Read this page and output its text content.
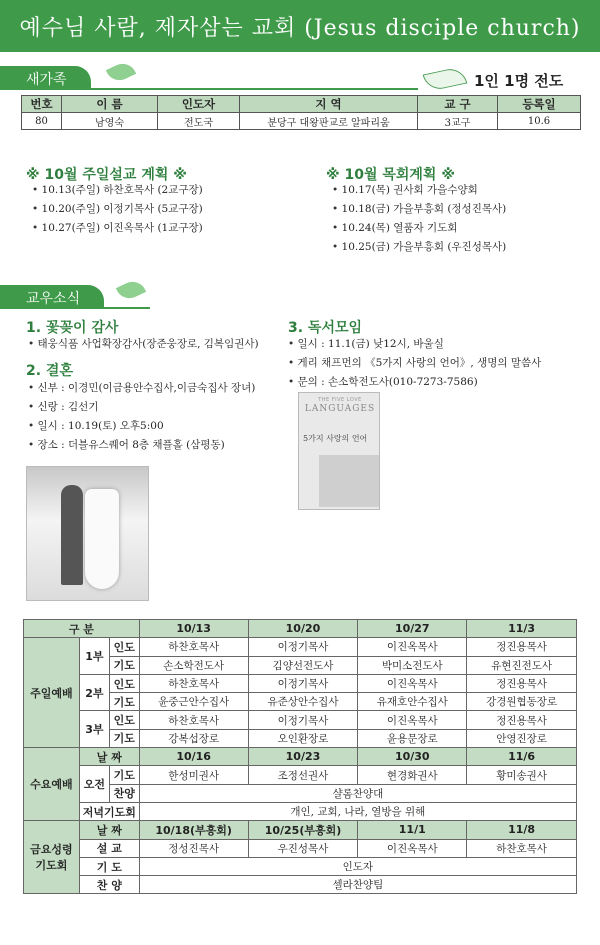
예수님 사람, 제자삼는 교회 (Jesus disciple church)
새가족	1인 1명 전도
번호	이 름	인도자	지 역	교 구	등록일
80	남영숙	전도국	분당구 대왕판교로 알파리움	3교구	10.6
※ 10월 주일설교 계획 ※
• 10.13(주일) 하찬호목사 (2교구장)
• 10.20(주일) 이정기목사 (5교구장)
• 10.27(주일) 이진옥목사 (1교구장)
※ 10월 목회계획 ※
• 10.17(목) 권사회 가을수양회
• 10.18(금) 가을부흥회 (정성진목사)
• 10.24(목) 열품자 기도회
• 10.25(금) 가을부흥회 (우진성목사)
교우소식
1. 꽃꽂이 감사
• 태웅식품 사업확장감사(장준웅장로, 김복임권사)
2. 결혼
• 신부 : 이경민(이금용안수집사,이금숙집사 장녀)
• 신랑 : 김선기
• 일시 : 10.19(토) 오후5:00
• 장소 : 더블유스퀘어 8층 채플홀 (삼평동)
3. 독서모임
• 일시 : 11.1(금) 낮12시, 바울실
• 게리 채프먼의 《5가지 사랑의 언어》, 생명의 말씀사
• 문의 : 손소학전도사(010-7273-7586)
THE FIVE LOVE
LANGUAGES
5가지 사랑의 언어
구 분			10/13	10/20	10/27	11/3
주일예배	1부	인도	하찬호목사	이정기목사	이진옥목사	정진용목사
		기도	손소학전도사	김양선전도사	박미소전도사	유현진전도사
	2부	인도	하찬호목사	이정기목사	이진옥목사	정진용목사
		기도	윤중근안수집사	유준상안수집사	유재호안수집사	강경원협동장로
	3부	인도	하찬호목사	이정기목사	이진옥목사	정진용목사
		기도	강복섭장로	오인환장로	윤용문장로	안영진장로
수요예배	날 짜		10/16	10/23	10/30	11/6
	오전	기도	한성미권사	조정선권사	현경화권사	황미송권사
		찬양	샬롬찬양대			
	저녁기도회		개인, 교회, 나라, 열방을 위해			
금요성령 기도회	날 짜		10/18(부흥회)	10/25(부흥회)	11/1	11/8
	설 교		정성진목사	우진성목사	이진옥목사	하찬호목사
	기 도		인도자			
	찬 양		셀라찬양팀			
